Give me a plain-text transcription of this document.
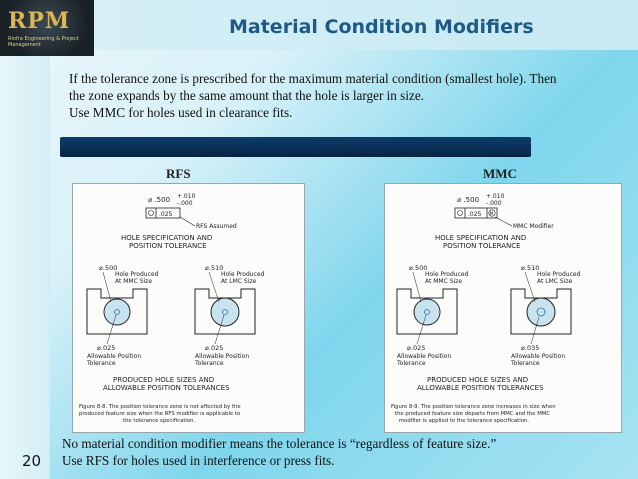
RPM
Rinfra Engineering & Project Management
Material Condition Modifiers
If the tolerance zone is prescribed for the maximum material condition (smallest hole). Then
the zone expands by the same amount that the hole is larger in size.
Use MMC for holes used in clearance fits.
RFS	MMC
⌀ .500 +.010
-.000
.025
RFS Assumed
HOLE SPECIFICATION AND
POSITION TOLERANCE
⌀.500
Hole Produced
At MMC Size
⌀.510
Hole Produced
At LMC Size
⌀.025
Allowable Position
Tolerance
⌀.025
Allowable Position
Tolerance
PRODUCED HOLE SIZES AND
ALLOWABLE POSITION TOLERANCES
Figure 8-8. The position tolerance zone is not affected by the
produced feature size when the RFS modifier is applicable to
the tolerance specification.
⌀ .500 +.010
-.000
.025 M
MMC Modifier
HOLE SPECIFICATION AND
POSITION TOLERANCE
⌀.500
Hole Produced
At MMC Size
⌀.510
Hole Produced
At LMC Size
⌀.025
Allowable Position
Tolerance
⌀.035
Allowable Position
Tolerance
PRODUCED HOLE SIZES AND
ALLOWABLE POSITION TOLERANCES
Figure 8-9. The position tolerance zone increases in size when
the produced feature size departs from MMC and the MMC
modifier is applied to the tolerance specification.
No material condition modifier means the tolerance is “regardless of feature size.”
Use RFS for holes used in interference or press fits.
20
